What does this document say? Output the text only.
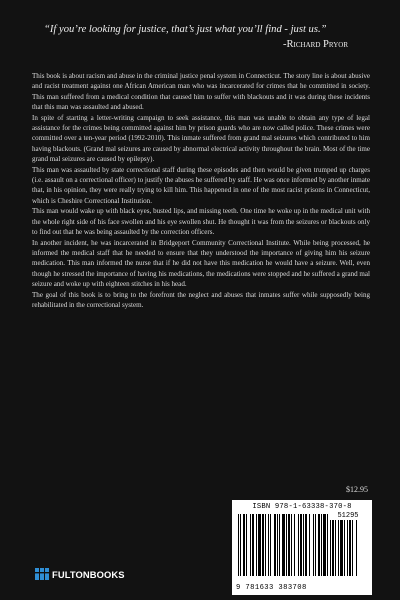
“If you’re looking for justice, that’s just what you’ll find - just us.”
-Richard Pryor

This book is about racism and abuse in the criminal justice penal system in Connecticut. The story line is about abusive and racist treatment against one African American man who was incarcerated for crimes that he committed in society. This man suffered from a medical condition that caused him to suffer with blackouts and it was during these incidents that this man was assaulted and abused.

In spite of starting a letter-writing campaign to seek assistance, this man was unable to obtain any type of legal assistance for the crimes being committed against him by prison guards who are now called police. These crimes were committed over a ten-year period (1992-2010). This inmate suffered from grand mal seizures which contributed to him having blackouts. (Grand mal seizures are caused by abnormal electrical activity throughout the brain. Most of the time grand mal seizures are caused by epilepsy).

This man was assaulted by state correctional staff during these episodes and then would be given trumped up charges (i.e. assault on a correctional officer) to justify the abuses he suffered by staff. He was once informed by another inmate that, in his opinion, they were really trying to kill him. This happened in one of the most racist prisons in Connecticut, which is Cheshire Correctional Institution.

This man would wake up with black eyes, busted lips, and missing teeth. One time he woke up in the medical unit with the whole right side of his face swollen and his eye swollen shut. He thought it was from the seizures or blackouts only to find out that he was being assaulted by the correction officers.

In another incident, he was incarcerated in Bridgeport Community Correctional Institute. While being processed, he informed the medical staff that he needed to ensure that they understood the importance of giving him his seizure medication. This man informed the nurse that if he did not have this medication he would have a seizure. Well, even though he stressed the importance of having his medications, the medications were stopped and he suffered a grand mal seizure and woke up with eighteen stitches in his head.

The goal of this book is to bring to the forefront the neglect and abuses that inmates suffer while supposedly being rehabilitated in the correctional system.

$12.95
FULTONBOOKS
ISBN 978-1-63338-370-8
51295
9 781633 383708
